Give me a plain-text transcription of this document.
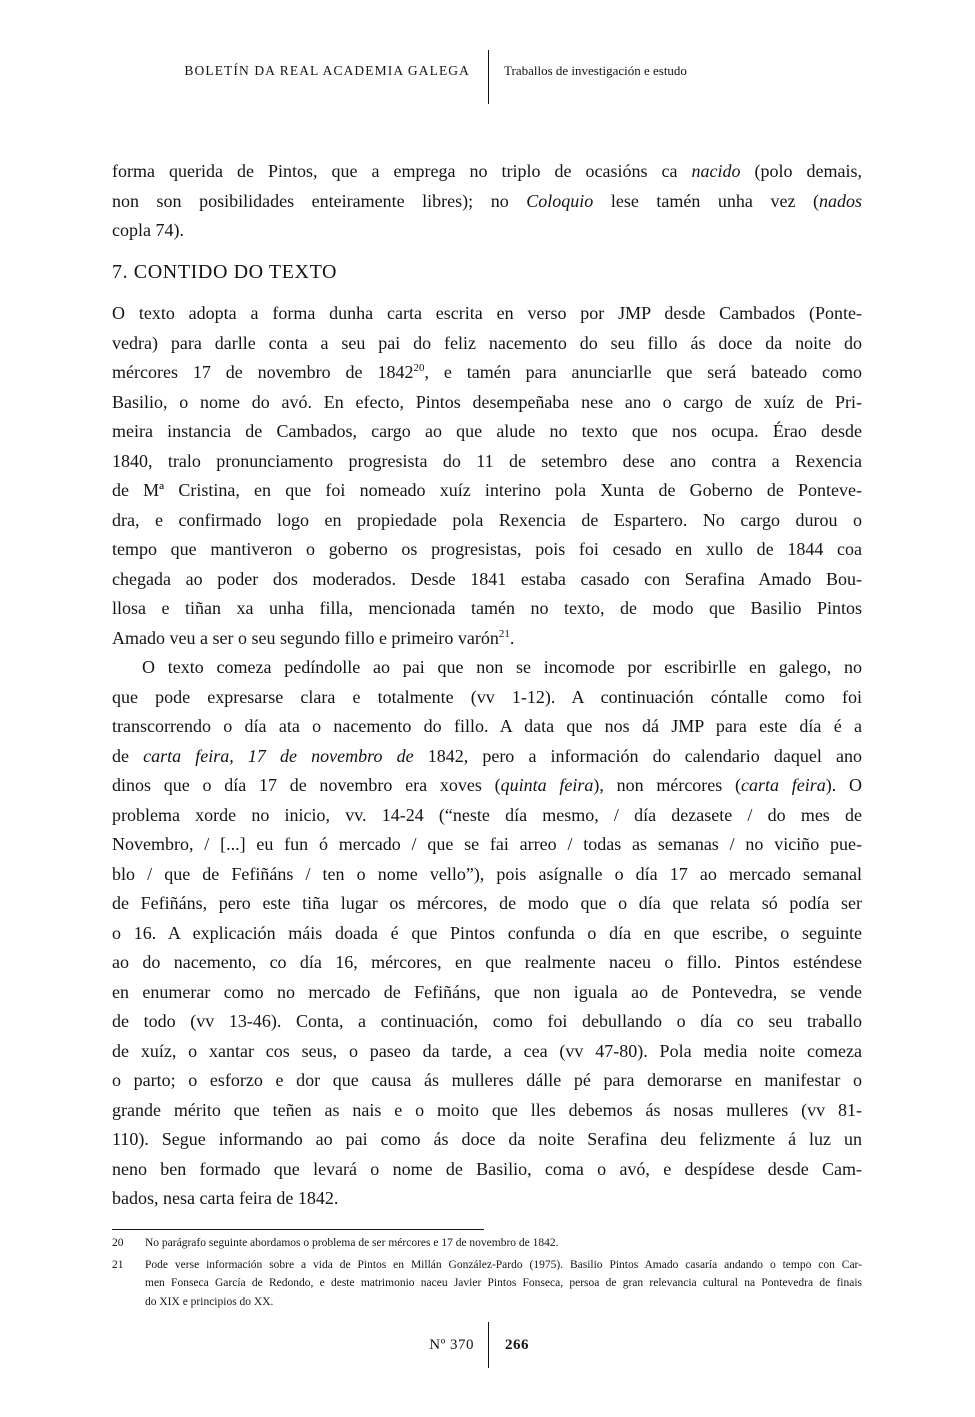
BOLETÍN DA REAL ACADEMIA GALEGA	Traballos de investigación e estudo
forma querida de Pintos, que a emprega no triplo de ocasións ca nacido (polo demais,
non son posibilidades enteiramente libres); no Coloquio lese tamén unha vez (nados
copla 74).
7. CONTIDO DO TEXTO
O texto adopta a forma dunha carta escrita en verso por JMP desde Cambados (Ponte-
vedra) para darlle conta a seu pai do feliz nacemento do seu fillo ás doce da noite do
mércores 17 de novembro de 1842$^{20}$, e tamén para anunciarlle que será bateado como
Basilio, o nome do avó. En efecto, Pintos desempeñaba nese ano o cargo de xuíz de Pri-
meira instancia de Cambados, cargo ao que alude no texto que nos ocupa. Érao desde
1840, tralo pronunciamento progresista do 11 de setembro dese ano contra a Rexencia
de Mª Cristina, en que foi nomeado xuíz interino pola Xunta de Goberno de Ponteve-
dra, e confirmado logo en propiedade pola Rexencia de Espartero. No cargo durou o
tempo que mantiveron o goberno os progresistas, pois foi cesado en xullo de 1844 coa
chegada ao poder dos moderados. Desde 1841 estaba casado con Serafina Amado Bou-
llosa e tiñan xa unha filla, mencionada tamén no texto, de modo que Basilio Pintos
Amado veu a ser o seu segundo fillo e primeiro varón$^{21}$.
O texto comeza pedíndolle ao pai que non se incomode por escribirlle en galego, no
que pode expresarse clara e totalmente (vv 1-12). A continuación cóntalle como foi
transcorrendo o día ata o nacemento do fillo. A data que nos dá JMP para este día é a
de carta feira, 17 de novembro de 1842, pero a información do calendario daquel ano
dinos que o día 17 de novembro era xoves (quinta feira), non mércores (carta feira). O
problema xorde no inicio, vv. 14-24 (“neste día mesmo, / día dezasete / do mes de
Novembro, / [...] eu fun ó mercado / que se fai arreo / todas as semanas / no viciño pue-
blo / que de Fefiñáns / ten o nome vello”), pois asígnalle o día 17 ao mercado semanal
de Fefiñáns, pero este tiña lugar os mércores, de modo que o día que relata só podía ser
o 16. A explicación máis doada é que Pintos confunda o día en que escribe, o seguinte
ao do nacemento, co día 16, mércores, en que realmente naceu o fillo. Pintos esténdese
en enumerar como no mercado de Fefiñáns, que non iguala ao de Pontevedra, se vende
de todo (vv 13-46). Conta, a continuación, como foi debullando o día co seu traballo
de xuíz, o xantar cos seus, o paseo da tarde, a cea (vv 47-80). Pola media noite comeza
o parto; o esforzo e dor que causa ás mulleres dálle pé para demorarse en manifestar o
grande mérito que teñen as nais e o moito que lles debemos ás nosas mulleres (vv 81-
110). Segue informando ao pai como ás doce da noite Serafina deu felizmente á luz un
neno ben formado que levará o nome de Basilio, coma o avó, e despídese desde Cam-
bados, nesa carta feira de 1842.
20	No parágrafo seguinte abordamos o problema de ser mércores e 17 de novembro de 1842.
21	Pode verse información sobre a vida de Pintos en Millán González-Pardo (1975). Basilio Pintos Amado casaría andando o tempo con Car-
men Fonseca García de Redondo, e deste matrimonio naceu Javier Pintos Fonseca, persoa de gran relevancia cultural na Pontevedra de finais
do XIX e principios do XX.
Nº 370	266
